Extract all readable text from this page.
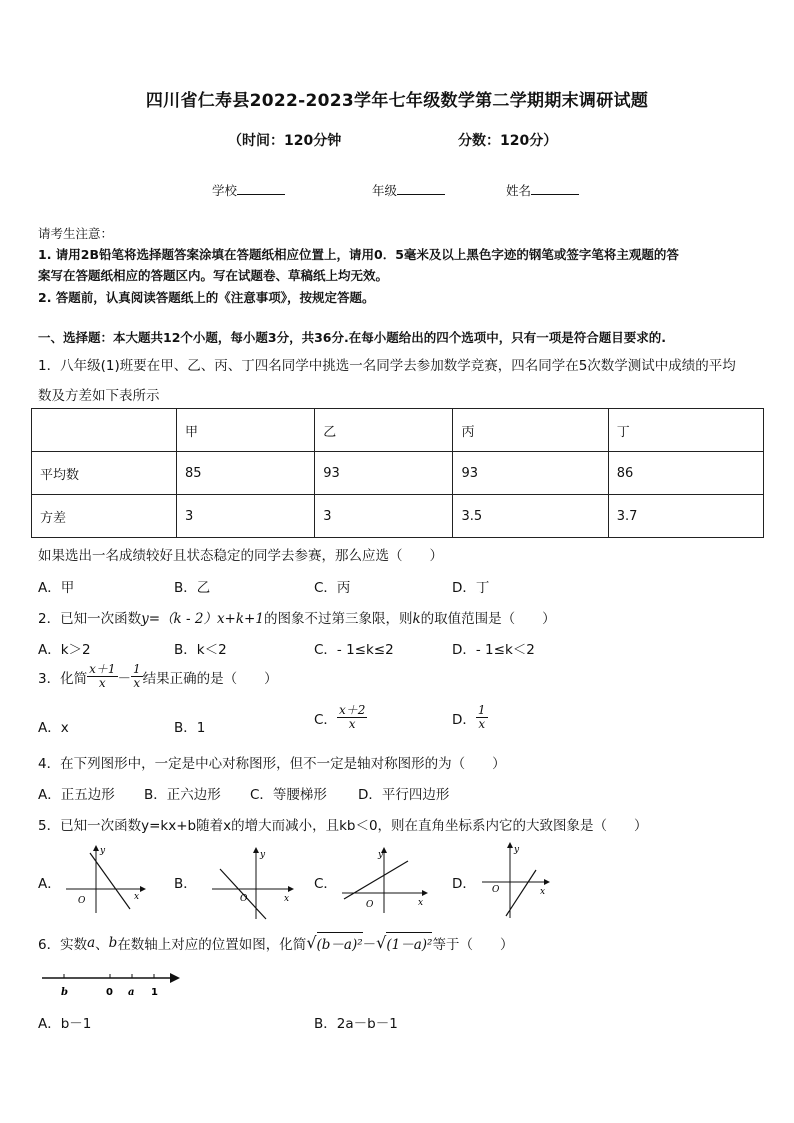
四川省仁寿县2022-2023学年七年级数学第二学期期末调研试题
（时间：120分钟	分数：120分）
学校	年级	姓名
请考生注意：
1. 请用2B铅笔将选择题答案涂填在答题纸相应位置上，请用0．5毫米及以上黑色字迹的钢笔或签字笔将主观题的答
案写在答题纸相应的答题区内。写在试题卷、草稿纸上均无效。
2. 答题前，认真阅读答题纸上的《注意事项》，按规定答题。
一、选择题：本大题共12个小题，每小题3分，共36分.在每小题给出的四个选项中，只有一项是符合题目要求的.
1．八年级(1)班要在甲、乙、丙、丁四名同学中挑选一名同学去参加数学竞赛，四名同学在5次数学测试中成绩的平均
数及方差如下表所示
	甲	乙	丙	丁
平均数	85	93	93	86
方差	3	3	3.5	3.7
如果选出一名成绩较好且状态稳定的同学去参赛，那么应选（　　）
A．甲	B．乙	C．丙	D．丁
2．已知一次函数y=（k - 2）x+k+1的图象不过第三象限，则k的取值范围是（　　）
A．k＞2	B．k＜2	C．- 1≤k≤2	D．- 1≤k＜2
3．化简 $\frac{x+1}{x} - \frac{1}{x}$ 结果正确的是（　　）
A．x	B．1
C． $\frac{x+2}{x}$	D． $\frac{1}{x}$
4．在下列图形中，一定是中心对称图形，但不一定是轴对称图形的为（　　）
A．正五边形 B．正六边形 C．等腰梯形 D．平行四边形
5．已知一次函数y=kx+b随着x的增大而减小，且kb＜0，则在直角坐标系内它的大致图象是（　　）
A．
y
x
O
B．
y
x
O
C．
y
x
O
D．
y
x
O
6．实数 a 、 b 在数轴上对应的位置如图，化简 √ (b－a)² － √ (1－a)² 等于（　　）
b	0 a 1
A．b－1	B．2a－b－1
